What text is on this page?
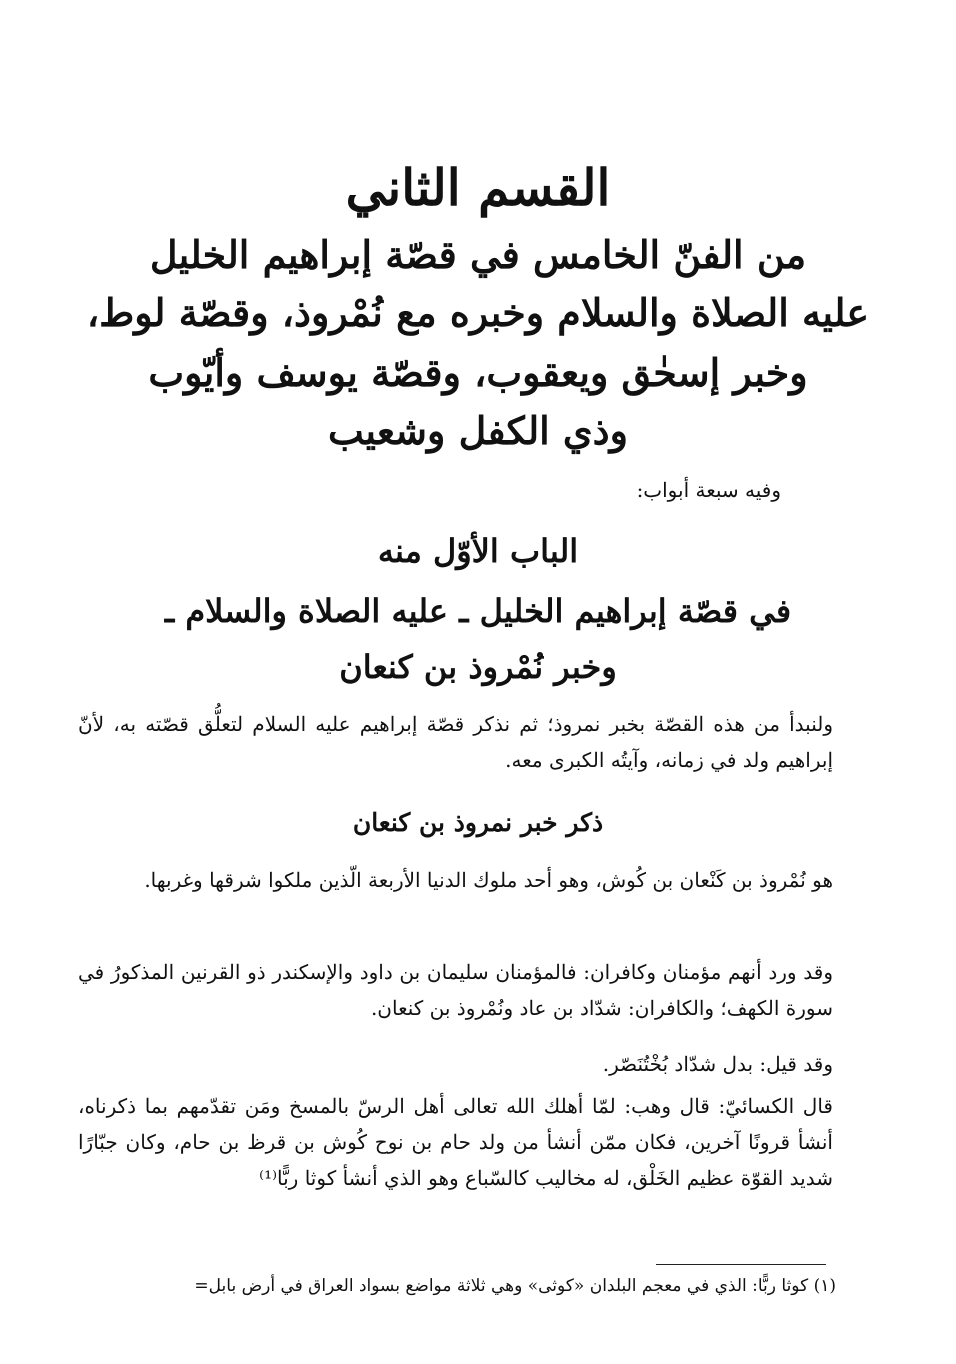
القسم الثاني
من الفنّ الخامس في قصّة إبراهيم الخليل
عليه الصلاة والسلام وخبره مع نُمْروذ، وقصّة لوط،
وخبر إسحٰق ويعقوب، وقصّة يوسف وأيّوب
وذي الكفل وشعيب
وفيه سبعة أبواب:
الباب الأوّل منه
في قصّة إبراهيم الخليل ـ عليه الصلاة والسلام ـ
وخبر نُمْروذ بن كنعان
ولنبدأ من هذه القصّة بخبر نمروذ؛ ثم نذكر قصّة إبراهيم عليه السلام لتعلُّق قصّته به، لأنّ إبراهيم ولد في زمانه، وآيتُه الكبرى معه.
ذكر خبر نمروذ بن كنعان
هو نُمْروذ بن كَنْعان بن كُوش، وهو أحد ملوك الدنيا الأربعة الّذين ملكوا شرقها وغربها.
وقد ورد أنهم مؤمنان وكافران: فالمؤمنان سليمان بن داود والإسكندر ذو القرنين المذكورُ في سورة الكهف؛ والكافران: شدّاد بن عاد ونُمْروذ بن كنعان.
وقد قيل: بدل شدّاد بُخْتُنَصّر.
قال الكسائيّ: قال وهب: لمّا أهلك الله تعالى أهل الرسّ بالمسخ ومَن تقدّمهم بما ذكرناه، أنشأ قرونًا آخرين، فكان ممّن أنشأ من ولد حام بن نوح كُوش بن قرظ بن حام، وكان جبّارًا شديد القوّة عظيم الخَلْق، له مخاليب كالسّباع وهو الذي أنشأ كوثا ربًّا⁽¹⁾
(١) كوثا ربًّا: الذي في معجم البلدان «كوثى» وهي ثلاثة مواضع بسواد العراق في أرض بابل=
